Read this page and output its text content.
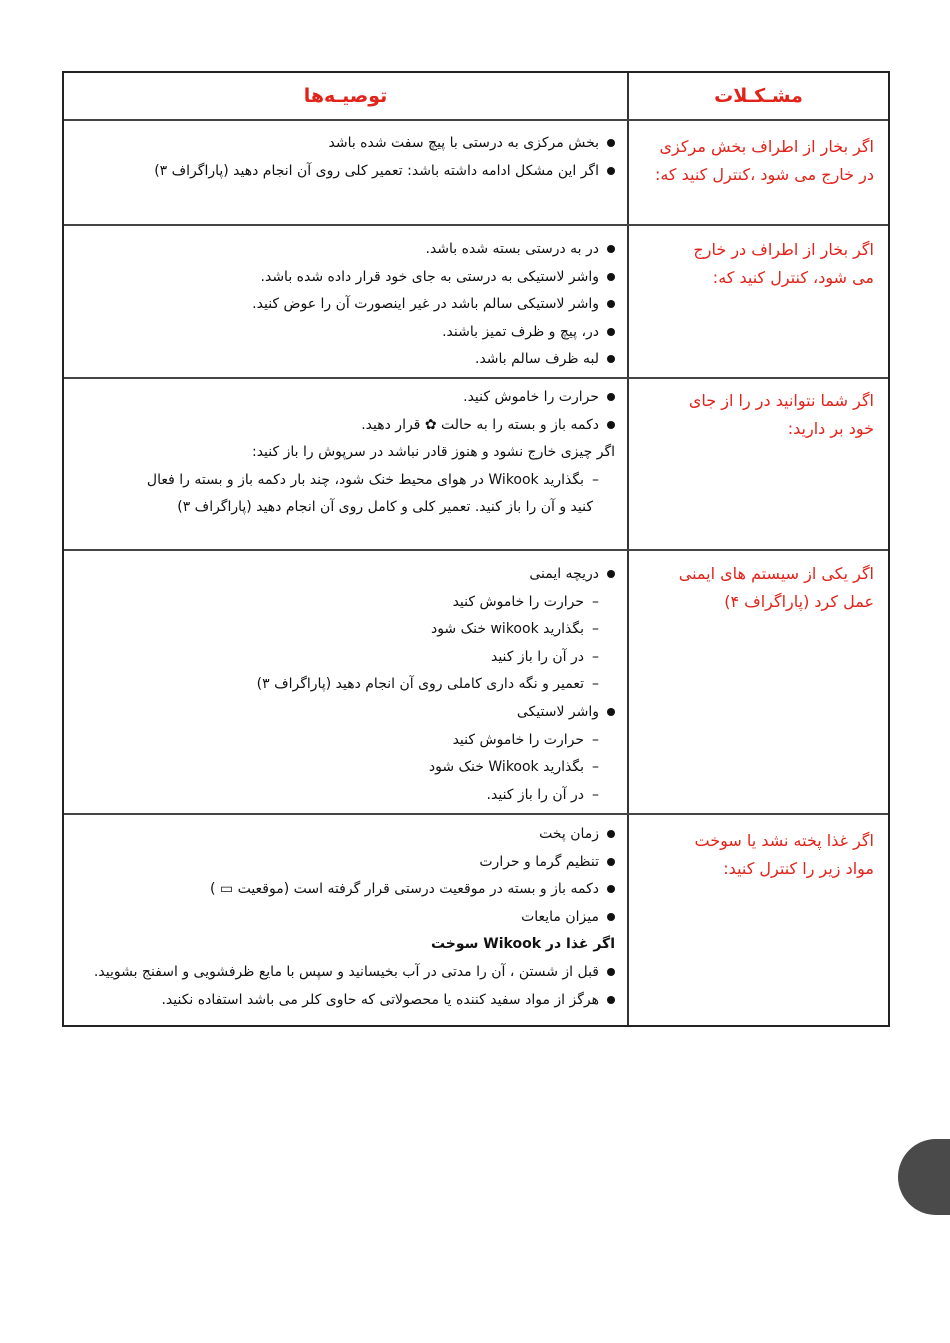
مشـکـلات
توصیـه‌ها
اگر بخار از اطراف بخش مرکزی
در خارج می شود ،کنترل کنید که:
اگر بخار از اطراف در خارج
می شود، کنترل کنید که:
اگر شما نتوانید در را از جای
خود بر دارید:
اگر یکی از سیستم های ایمنی
عمل کرد (پاراگراف ۴)
اگر غذا پخته نشد یا سوخت
مواد زیر را کنترل کنید:
بخش مرکزی به درستی با پیچ سفت شده باشد
اگر این مشکل ادامه داشته باشد: تعمیر کلی روی آن انجام دهید (پاراگراف ۳)
در به درستی بسته شده باشد.
واشر لاستیکی به درستی به جای خود قرار داده شده باشد.
واشر لاستیکی سالم باشد در غیر اینصورت آن را عوض کنید.
در، پیچ و ظرف تمیز باشند.
لبه ظرف سالم باشد.
حرارت را خاموش کنید.
دکمه باز و بسته را به حالت ✿ قرار دهید.
اگر چیزی خارج نشود و هنوز قادر نباشد در سرپوش را باز کنید:
–بگذارید Wikook در هوای محیط خنک شود، چند بار دکمه باز و بسته را فعال
کنید و آن را باز کنید. تعمیر کلی و کامل روی آن انجام دهید (پاراگراف ۳)
دریچه ایمنی
–حرارت را خاموش کنید
–بگذارید wikook خنک شود
–در آن را باز کنید
–تعمیر و نگه داری کاملی روی آن انجام دهید (پاراگراف ۳)
واشر لاستیکی
–حرارت را خاموش کنید
–بگذارید Wikook خنک شود
–در آن را باز کنید.
زمان پخت
تنظیم گرما و حرارت
دکمه باز و بسته در موقعیت درستی قرار گرفته است (موقعیت ▭ )
میزان مایعات
اگر غذا در Wikook سوخت
قبل از شستن ، آن را مدتی در آب بخیسانید و سپس با مایع ظرفشویی و اسفنج بشویید.
هرگز از مواد سفید کننده یا محصولاتی که حاوی کلر می باشد استفاده نکنید.
